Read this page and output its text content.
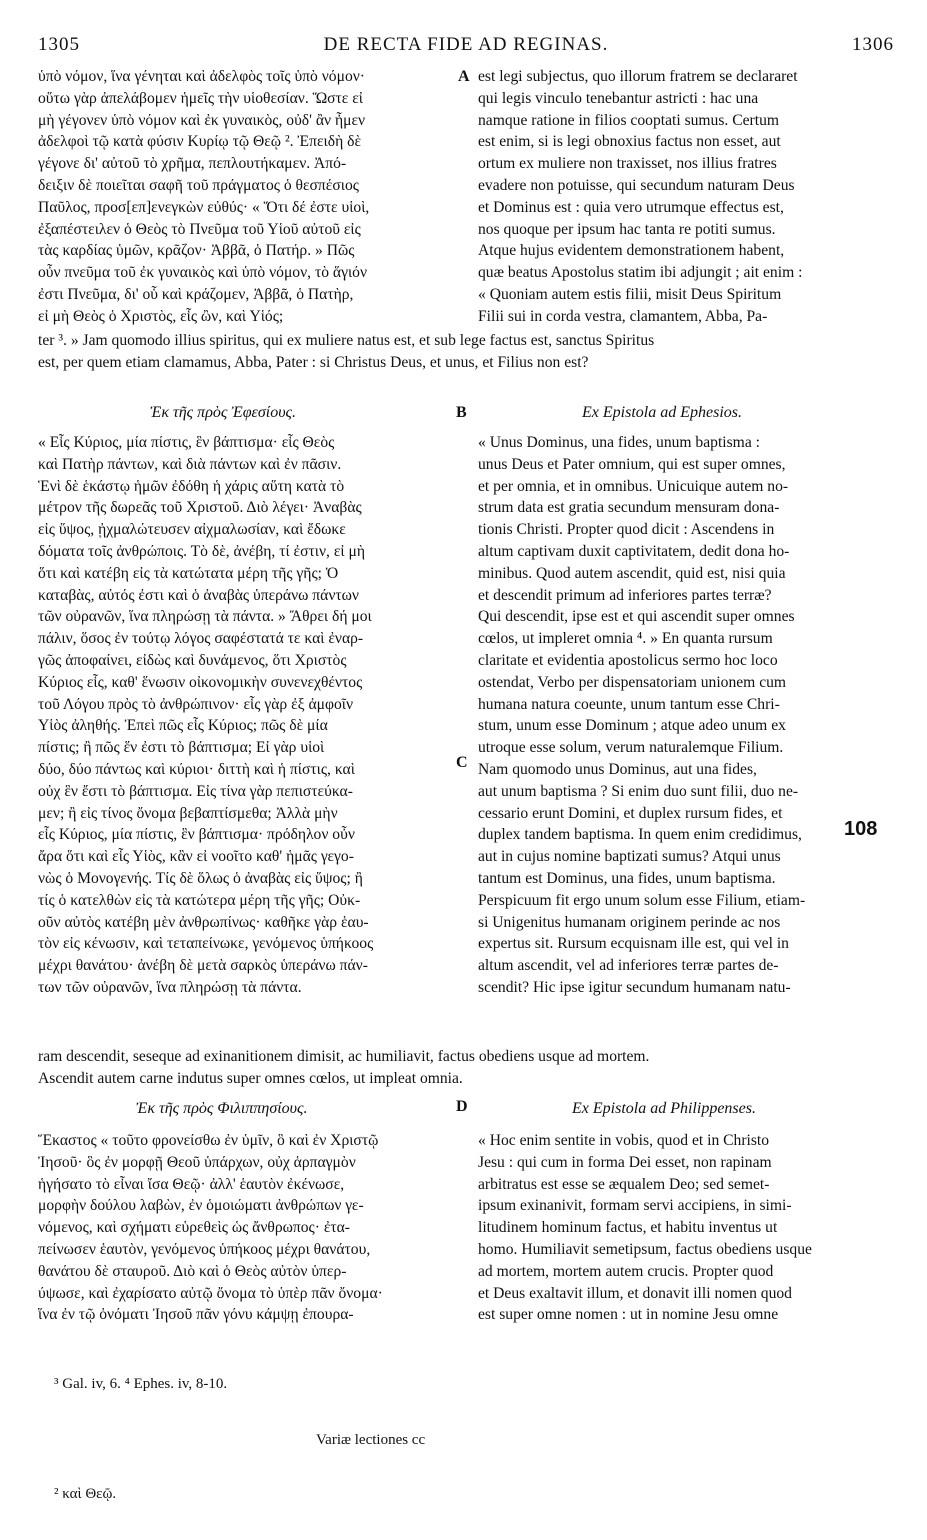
1305	DE RECTA FIDE AD REGINAS.	1306
A
B
C
D
108
ὑπὸ νόμον, ἵνα γένηται καὶ ἀδελφὸς τοῖς ὑπὸ νόμον·
οὕτω γὰρ ἀπελάβομεν ἡμεῖς τὴν υἱοθεσίαν. Ὥστε εἰ
μὴ γέγονεν ὑπὸ νόμον καὶ ἐκ γυναικὸς, οὐδ' ἂν ἦμεν
ἀδελφοὶ τῷ κατὰ φύσιν Κυρίῳ τῷ Θεῷ ². Ἐπειδὴ δὲ
γέγονε δι' αὐτοῦ τὸ χρῆμα, πεπλουτήκαμεν. Ἀπό-
δειξιν δὲ ποιεῖται σαφῆ τοῦ πράγματος ὁ θεσπέσιος
Παῦλος, προσ[επ]ενεγκὼν εὐθύς· « Ὅτι δέ ἐστε υἱοὶ,
ἐξαπέστειλεν ὁ Θεὸς τὸ Πνεῦμα τοῦ Υἱοῦ αὐτοῦ εἰς
τὰς καρδίας ὑμῶν, κρᾶζον· Ἀββᾶ, ὁ Πατήρ. » Πῶς
οὖν πνεῦμα τοῦ ἐκ γυναικὸς καὶ ὑπὸ νόμον, τὸ ἅγιόν
ἐστι Πνεῦμα, δι' οὗ καὶ κράζομεν, Ἀββᾶ, ὁ Πατὴρ,
εἰ μὴ Θεὸς ὁ Χριστὸς, εἷς ὢν, καὶ Υἱός;
est legi subjectus, quo illorum fratrem se declararet
qui legis vinculo tenebantur astricti : hac una
namque ratione in filios cooptati sumus. Certum
est enim, si is legi obnoxius factus non esset, aut
ortum ex muliere non traxisset, nos illius fratres
evadere non potuisse, qui secundum naturam Deus
et Dominus est : quia vero utrumque effectus est,
nos quoque per ipsum hac tanta re potiti sumus.
Atque hujus evidentem demonstrationem habent,
quæ beatus Apostolus statim ibi adjungit ; ait enim :
« Quoniam autem estis filii, misit Deus Spiritum
Filii sui in corda vestra, clamantem, Abba, Pa-
ter ³. » Jam quomodo illius spiritus, qui ex muliere natus est, et sub lege factus est, sanctus Spiritus
est, per quem etiam clamamus, Abba, Pater : si Christus Deus, et unus, et Filius non est?
Ἐκ τῆς πρὸς Ἐφεσίους.	Ex Epistola ad Ephesios.
« Εἷς Κύριος, μία πίστις, ἓν βάπτισμα· εἷς Θεὸς
καὶ Πατὴρ πάντων, καὶ διὰ πάντων καὶ ἐν πᾶσιν.
Ἑνὶ δὲ ἑκάστῳ ἡμῶν ἐδόθη ἡ χάρις αὕτη κατὰ τὸ
μέτρον τῆς δωρεᾶς τοῦ Χριστοῦ. Διὸ λέγει· Ἀναβὰς
εἰς ὕψος, ᾐχμαλώτευσεν αἰχμαλωσίαν, καὶ ἔδωκε
δόματα τοῖς ἀνθρώποις. Τὸ δὲ, ἀνέβη, τί ἐστιν, εἰ μὴ
ὅτι καὶ κατέβη εἰς τὰ κατώτατα μέρη τῆς γῆς; Ὁ
καταβὰς, αὐτός ἐστι καὶ ὁ ἀναβὰς ὑπεράνω πάντων
τῶν οὐρανῶν, ἵνα πληρώσῃ τὰ πάντα. » Ἄθρει δή μοι
πάλιν, ὅσος ἐν τούτῳ λόγος σαφέστατά τε καὶ ἐναρ-
γῶς ἀποφαίνει, εἰδὼς καὶ δυνάμενος, ὅτι Χριστὸς
Κύριος εἷς, καθ' ἕνωσιν οἰκονομικὴν συνενεχθέντος
τοῦ Λόγου πρὸς τὸ ἀνθρώπινον· εἷς γὰρ ἐξ ἀμφοῖν
Υἱὸς ἀληθής. Ἐπεὶ πῶς εἷς Κύριος; πῶς δὲ μία
πίστις; ἢ πῶς ἕν ἐστι τὸ βάπτισμα; Εἰ γὰρ υἱοὶ
δύο, δύο πάντως καὶ κύριοι· διττὴ καὶ ἡ πίστις, καὶ
οὐχ ἓν ἔστι τὸ βάπτισμα. Εἰς τίνα γὰρ πεπιστεύκα-
μεν; ἢ εἰς τίνος ὄνομα βεβαπτίσμεθα; Ἀλλὰ μὴν
εἷς Κύριος, μία πίστις, ἓν βάπτισμα· πρόδηλον οὖν
ἄρα ὅτι καὶ εἷς Υἱὸς, κἂν εἰ νοοῖτο καθ' ἡμᾶς γεγο-
νὼς ὁ Μονογενής. Τίς δὲ ὅλως ὁ ἀναβὰς εἰς ὕψος; ἢ
τίς ὁ κατελθὼν εἰς τὰ κατώτερα μέρη τῆς γῆς; Οὐκ-
οῦν αὐτὸς κατέβη μὲν ἀνθρωπίνως· καθῆκε γὰρ ἑαυ-
τὸν εἰς κένωσιν, καὶ τεταπείνωκε, γενόμενος ὑπήκοος
μέχρι θανάτου· ἀνέβη δὲ μετὰ σαρκὸς ὑπεράνω πάν-
των τῶν οὐρανῶν, ἵνα πληρώσῃ τὰ πάντα.
« Unus Dominus, una fides, unum baptisma :
unus Deus et Pater omnium, qui est super omnes,
et per omnia, et in omnibus. Unicuique autem no-
strum data est gratia secundum mensuram dona-
tionis Christi. Propter quod dicit : Ascendens in
altum captivam duxit captivitatem, dedit dona ho-
minibus. Quod autem ascendit, quid est, nisi quia
et descendit primum ad inferiores partes terræ?
Qui descendit, ipse est et qui ascendit super omnes
cœlos, ut impleret omnia ⁴. » En quanta rursum
claritate et evidentia apostolicus sermo hoc loco
ostendat, Verbo per dispensatoriam unionem cum
humana natura coeunte, unum tantum esse Chri-
stum, unum esse Dominum ; atque adeo unum ex
utroque esse solum, verum naturalemque Filium.
Nam quomodo unus Dominus, aut una fides,
aut unum baptisma ? Si enim duo sunt filii, duo ne-
cessario erunt Domini, et duplex rursum fides, et
duplex tandem baptisma. In quem enim credidimus,
aut in cujus nomine baptizati sumus? Atqui unus
tantum est Dominus, una fides, unum baptisma.
Perspicuum fit ergo unum solum esse Filium, etiam-
si Unigenitus humanam originem perinde ac nos
expertus sit. Rursum ecquisnam ille est, qui vel in
altum ascendit, vel ad inferiores terræ partes de-
scendit? Hic ipse igitur secundum humanam natu-
ram descendit, seseque ad exinanitionem dimisit, ac humiliavit, factus obediens usque ad mortem.
Ascendit autem carne indutus super omnes cœlos, ut impleat omnia.
Ἐκ τῆς πρὸς Φιλιππησίους.	Ex Epistola ad Philippenses.
Ἕκαστος « τοῦτο φρονείσθω ἐν ὑμῖν, ὃ καὶ ἐν Χριστῷ
Ἰησοῦ· ὃς ἐν μορφῇ Θεοῦ ὑπάρχων, οὐχ ἁρπαγμὸν
ἡγήσατο τὸ εἶναι ἴσα Θεῷ· ἀλλ' ἑαυτὸν ἐκένωσε,
μορφὴν δούλου λαβὼν, ἐν ὁμοιώματι ἀνθρώπων γε-
νόμενος, καὶ σχήματι εὑρεθεὶς ὡς ἄνθρωπος· ἐτα-
πείνωσεν ἑαυτὸν, γενόμενος ὑπήκοος μέχρι θανάτου,
θανάτου δὲ σταυροῦ. Διὸ καὶ ὁ Θεὸς αὐτὸν ὑπερ-
ύψωσε, καὶ ἐχαρίσατο αὐτῷ ὄνομα τὸ ὑπὲρ πᾶν ὄνομα·
ἵνα ἐν τῷ ὀνόματι Ἰησοῦ πᾶν γόνυ κάμψῃ ἐπουρα-
« Hoc enim sentite in vobis, quod et in Christo
Jesu : qui cum in forma Dei esset, non rapinam
arbitratus est esse se æqualem Deo; sed semet-
ipsum exinanivit, formam servi accipiens, in simi-
litudinem hominum factus, et habitu inventus ut
homo. Humiliavit semetipsum, factus obediens usque
ad mortem, mortem autem crucis. Propter quod
et Deus exaltavit illum, et donavit illi nomen quod
est super omne nomen : ut in nomine Jesu omne
³ Gal. iv, 6. ⁴ Ephes. iv, 8-10.
Variæ lectiones cc
² καὶ Θεῷ.
